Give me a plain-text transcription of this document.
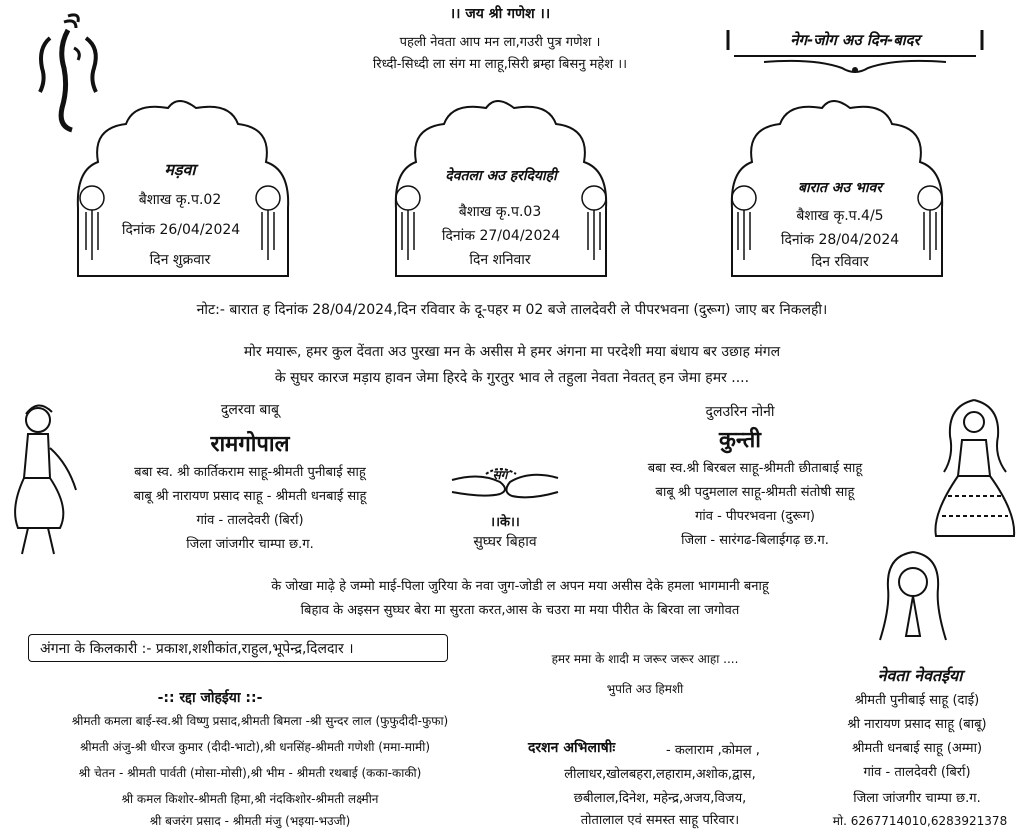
।। जय श्री गणेश ।।
पहली नेवता आप मन ला,गउरी पुत्र गणेश ।
रिध्दी-सिध्दी ला संग मा लाहू,सिरी ब्रम्हा बिसनु महेश ।।
नेग-जोग अउ दिन-बादर
मड़वा
बैशाख कृ.प.02
दिनांक 26/04/2024
दिन शुक्रवार
देवतला अउ हरदियाही
बैशाख कृ.प.03
दिनांक 27/04/2024
दिन शनिवार
बारात अउ भावर
बैशाख कृ.प.4/5
दिनांक 28/04/2024
दिन रविवार
नोट:- बारात ह दिनांक 28/04/2024,दिन रविवार के दू-पहर म 02 बजे तालदेवरी ले पीपरभवना (दुरूग) जाए बर निकलही।
मोर मयारू, हमर कुल देंवता अउ पुरखा मन के असीस मे हमर अंगना मा परदेशी मया बंधाय बर उछाह मंगल
के सुघर कारज मड़ाय हावन जेमा हिरदे के गुरतुर भाव ले तहुला नेवता नेवतत् हन जेमा हमर ....
दुलरवा बाबू
रामगोपाल
बबा स्व. श्री कार्तिकराम साहू-श्रीमती पुनीबाई साहू
बाबू श्री नारायण प्रसाद साहू - श्रीमती धनबाई साहू
गांव - तालदेवरी (बिर्रा)
जिला जांजगीर चाम्पा छ.ग.
संग
।।के।।
सुघ्घर बिहाव
दुलउरिन नोनी
कुन्ती
बबा स्व.श्री बिरबल साहू-श्रीमती छीताबाई साहू
बाबू श्री पदुमलाल साहू-श्रीमती संतोषी साहू
गांव - पीपरभवना (दुरूग)
जिला - सारंगढ-बिलाईगढ़ छ.ग.
के जोखा माढ़े हे जम्मो माई-पिला जुरिया के नवा जुग-जोडी ल अपन मया असीस देके हमला भागमानी बनाहू
बिहाव के अइसन सुघ्घर बेरा मा सुरता करत,आस के चउरा मा मया पीरीत के बिरवा ला जगोवत
अंगना के किलकारी :- प्रकाश,शशीकांत,राहुल,भूपेन्द्र,दिलदार ।
हमर ममा के शादी म जरूर जरूर आहा ....
भुपति अउ हिमशी
-:: रद्दा जोहईया ::-
श्रीमती कमला बाई-स्व.श्री विष्णु प्रसाद,श्रीमती बिमला -श्री सुन्दर लाल (फुफुदीदी-फुफा)
श्रीमती अंजु-श्री धीरज कुमार (दीदी-भाटो),श्री धनसिंह-श्रीमती गणेशी (ममा-मामी)
श्री चेतन - श्रीमती पार्वती (मोसा-मोसी),श्री भीम - श्रीमती रथबाई (कका-काकी)
श्री कमल किशोर-श्रीमती हिमा,श्री नंदकिशोर-श्रीमती लक्ष्मीन
श्री बजरंग प्रसाद - श्रीमती मंजु (भइया-भउजी)
दरशन अभिलाषीः	- कलाराम ,कोमल ,
लीलाधर,खोलबहरा,लहाराम,अशोक,द्वास,
छबीलाल,दिनेश, महेन्द्र,अजय,विजय,
तोतालाल एवं समस्त साहू परिवार।
नेवता नेवतईया
श्रीमती पुनीबाई साहू (दाई)
श्री नारायण प्रसाद साहू (बाबू)
श्रीमती धनबाई साहू (अम्मा)
गांव - तालदेवरी (बिर्रा)
जिला जांजगीर चाम्पा छ.ग.
मो. 6267714010,6283921378
